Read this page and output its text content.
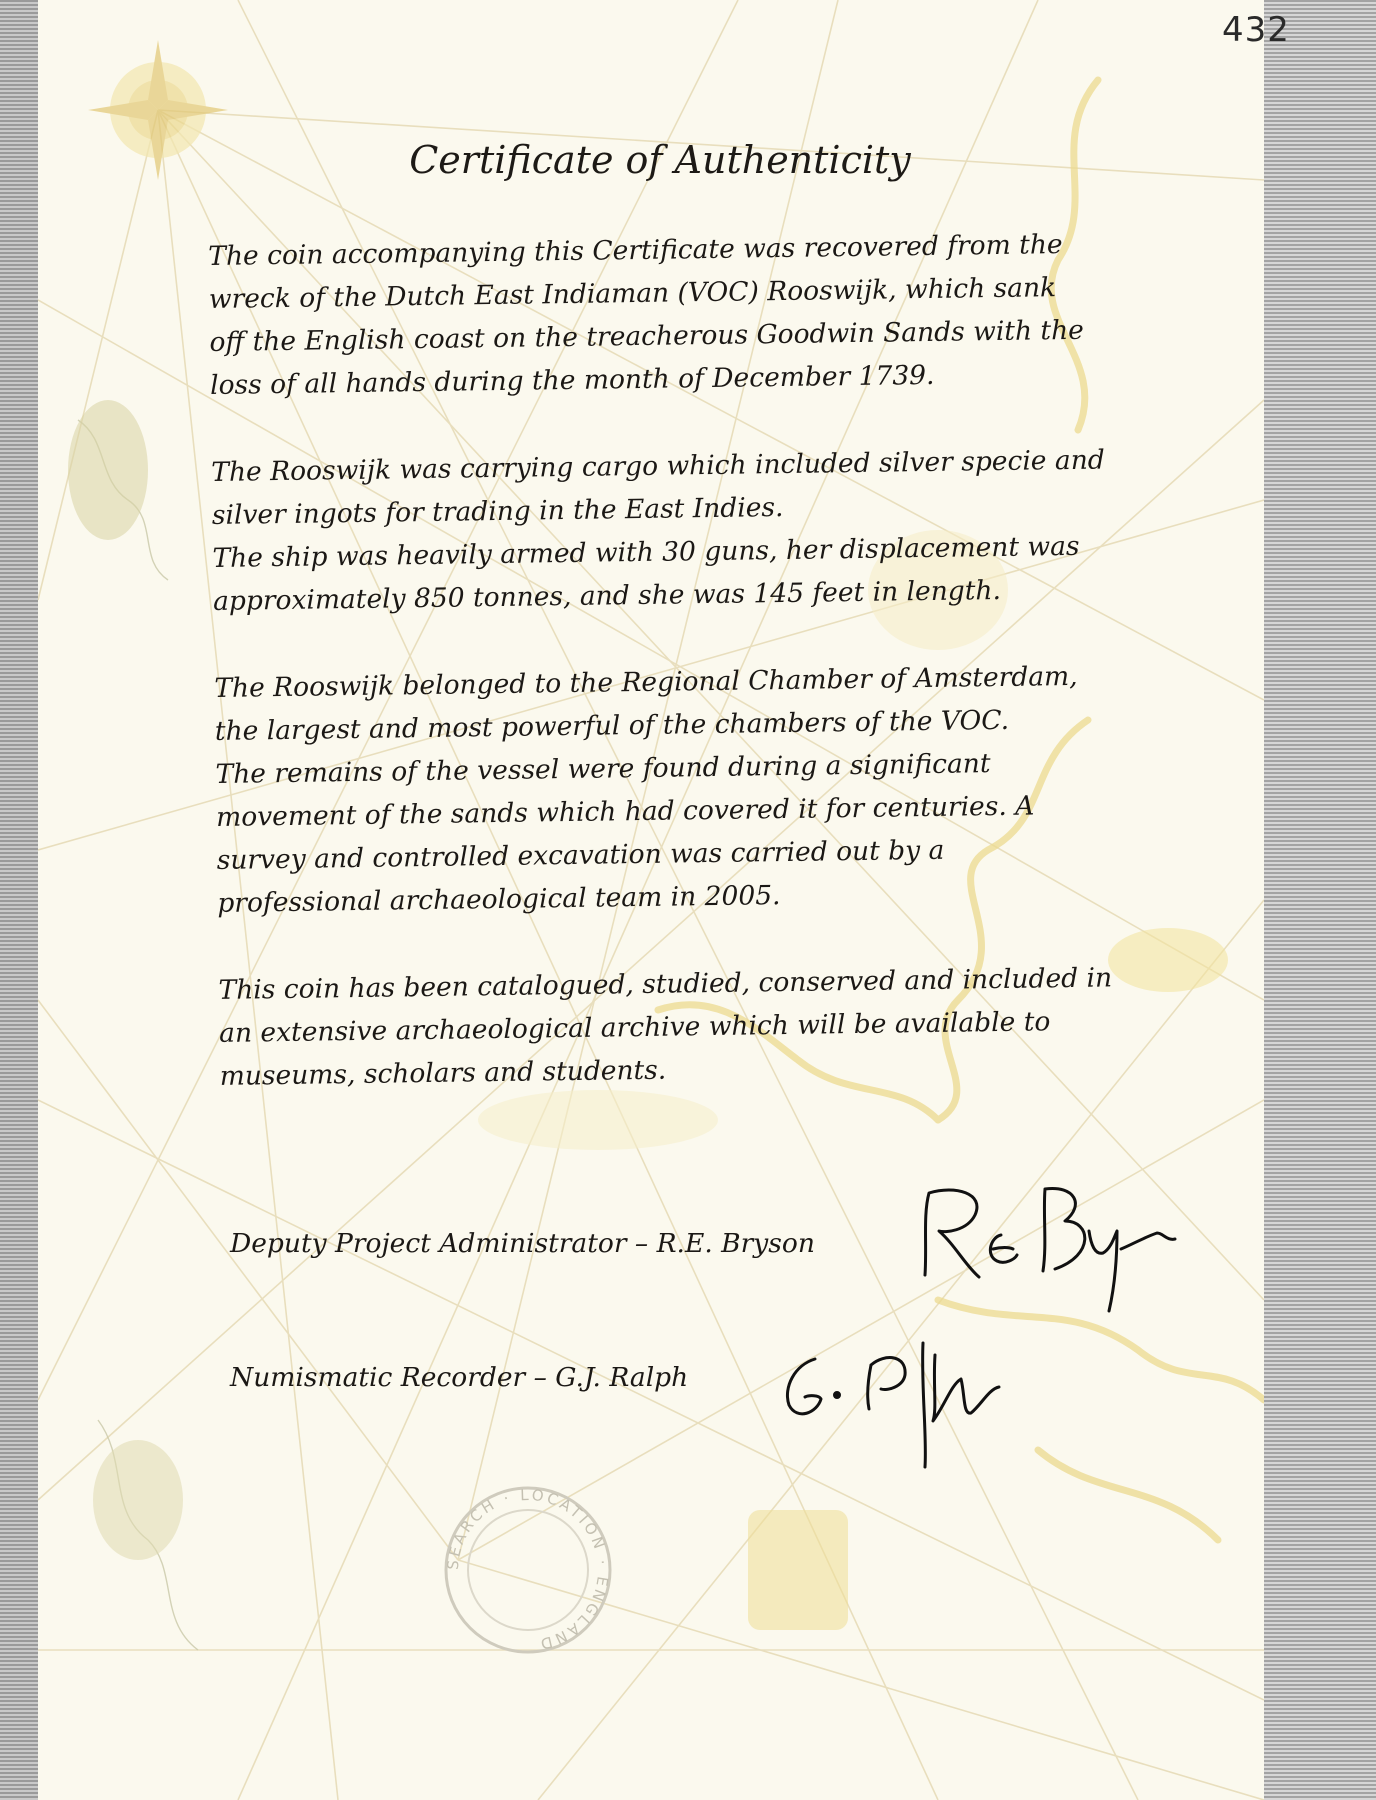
SEARCH · LOCATION · ENGLAND
432
Certificate of Authenticity

The coin accompanying this Certificate was recovered from the
wreck of the Dutch East Indiaman (VOC) Rooswijk, which sank
off the English coast on the treacherous Goodwin Sands with the
loss of all hands during the month of December 1739.

The Rooswijk was carrying cargo which included silver specie and
silver ingots for trading in the East Indies.
The ship was heavily armed with 30 guns, her displacement was
approximately 850 tonnes, and she was 145 feet in length.

The Rooswijk belonged to the Regional Chamber of Amsterdam,
the largest and most powerful of the chambers of the VOC.
The remains of the vessel were found during a significant
movement of the sands which had covered it for centuries. A
survey and controlled excavation was carried out by a
professional archaeological team in 2005.

This coin has been catalogued, studied, conserved and included in
an extensive archaeological archive which will be available to
museums, scholars and students.

Deputy Project Administrator – R.E. Bryson
Numismatic Recorder – G.J. Ralph
